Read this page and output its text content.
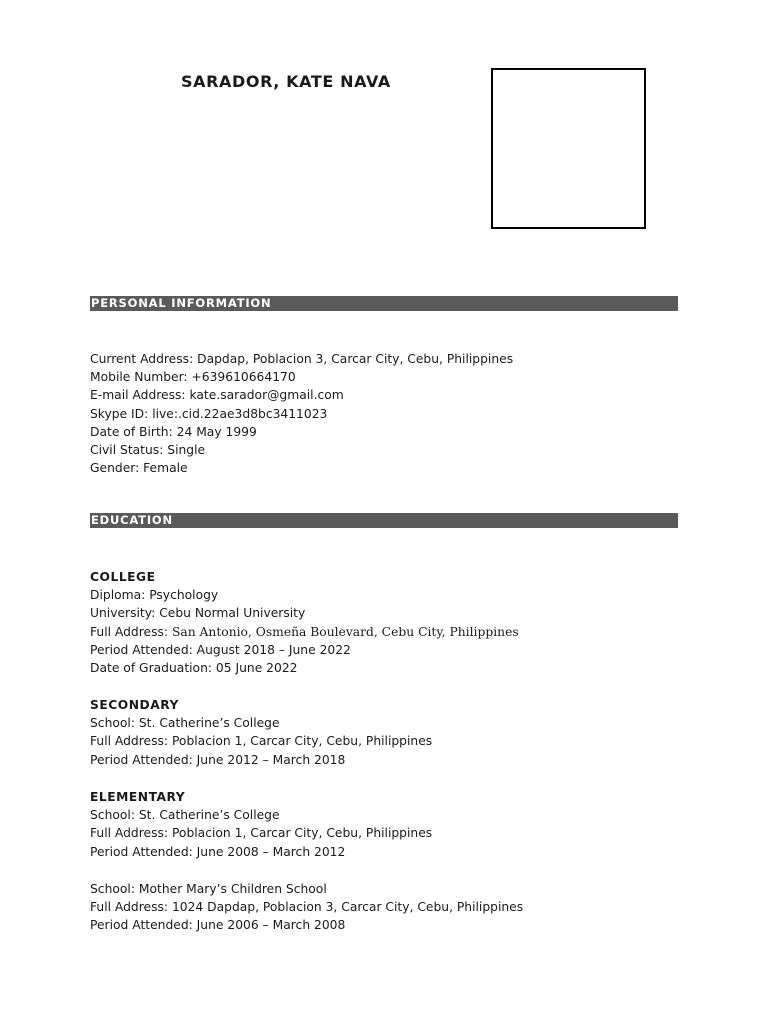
SARADOR, KATE NAVA
PERSONAL INFORMATION
Current Address: Dapdap, Poblacion 3, Carcar City, Cebu, Philippines
Mobile Number: +639610664170
E-mail Address: kate.sarador@gmail.com
Skype ID: live:.cid.22ae3d8bc3411023
Date of Birth: 24 May 1999
Civil Status: Single
Gender: Female
EDUCATION
COLLEGE
Diploma: Psychology
University: Cebu Normal University
Full Address: San Antonio, Osmeña Boulevard, Cebu City, Philippines
Period Attended: August 2018 – June 2022
Date of Graduation: 05 June 2022
SECONDARY
School: St. Catherine’s College
Full Address: Poblacion 1, Carcar City, Cebu, Philippines
Period Attended: June 2012 – March 2018
ELEMENTARY
School: St. Catherine’s College
Full Address: Poblacion 1, Carcar City, Cebu, Philippines
Period Attended: June 2008 – March 2012
School: Mother Mary’s Children School
Full Address: 1024 Dapdap, Poblacion 3, Carcar City, Cebu, Philippines
Period Attended: June 2006 – March 2008
